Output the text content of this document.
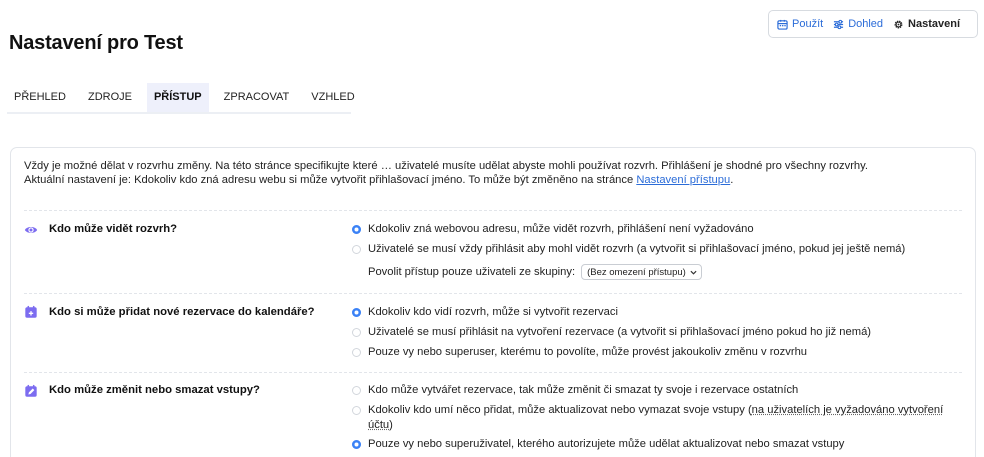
Nastavení pro Test
Použít Dohled Nastavení
PŘEHLED	ZDROJE	PŘÍSTUP	ZPRACOVAT	VZHLED
Vždy je možné dělat v rozvrhu změny. Na této stránce specifikujte které … uživatelé musíte udělat abyste mohli používat rozvrh. Přihlášení je shodné pro všechny rozvrhy.
Aktuální nastavení je: Kdokoliv kdo zná adresu webu si může vytvořit přihlašovací jméno. To může být změněno na stránce Nastavení přístupu.
Kdo může vidět rozvrh?	Kdokoliv zná webovou adresu, může vidět rozvrh, přihlášení není vyžadováno
Uživatelé se musí vždy přihlásit aby mohl vidět rozvrh (a vytvořit si přihlašovací jméno, pokud jej ještě nemá)
Povolit přístup pouze uživateli ze skupiny: (Bez omezení přístupu)
Kdo si může přidat nové rezervace do kalendáře?	Kdokoliv kdo vidí rozvrh, může si vytvořit rezervaci
Uživatelé se musí přihlásit na vytvoření rezervace (a vytvořit si přihlašovací jméno pokud ho již nemá)
Pouze vy nebo superuser, kterému to povolíte, může provést jakoukoliv změnu v rozvrhu
Kdo může změnit nebo smazat vstupy?	Kdo může vytvářet rezervace, tak může změnit či smazat ty svoje i rezervace ostatních
Kdokoliv kdo umí něco přidat, může aktualizovat nebo vymazat svoje vstupy (na uživatelích je vyžadováno vytvoření účtu)
Pouze vy nebo superuživatel, kterého autorizujete může udělat aktualizovat nebo smazat vstupy
